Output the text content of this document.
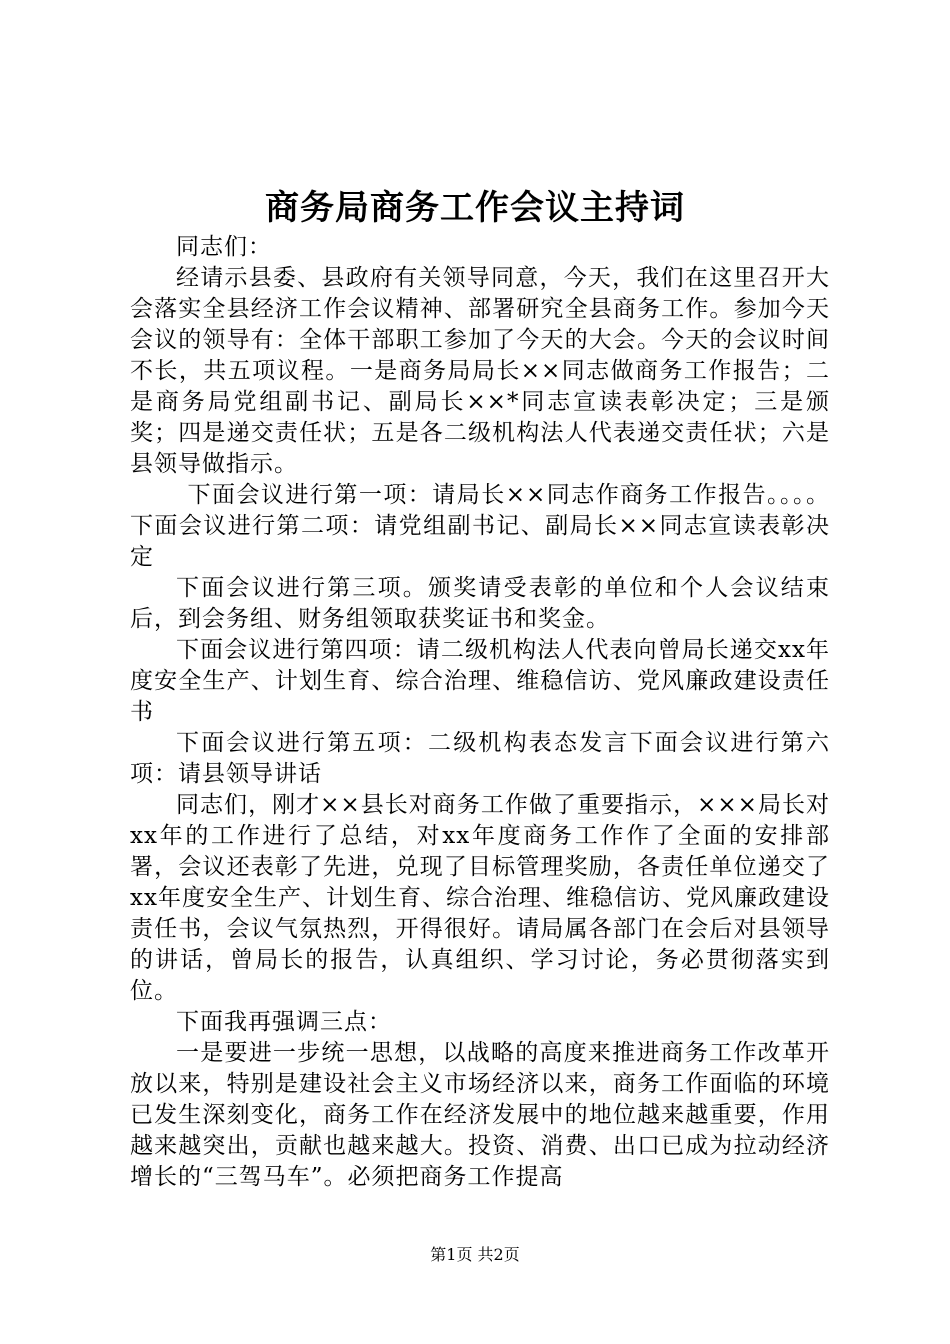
商务局商务工作会议主持词

同志们：

经请示县委、县政府有关领导同意，今天，我们在这里召开大会落实全县经济工作会议精神、部署研究全县商务工作。参加今天会议的领导有：全体干部职工参加了今天的大会。今天的会议时间不长，共五项议程。一是商务局局长××同志做商务工作报告；二是商务局党组副书记、副局长××*同志宣读表彰决定；三是颁奖；四是递交责任状；五是各二级机构法人代表递交责任状；六是县领导做指示。

下面会议进行第一项：请局长××同志作商务工作报告。。。。下面会议进行第二项：请党组副书记、副局长××同志宣读表彰决定

下面会议进行第三项。颁奖请受表彰的单位和个人会议结束后，到会务组、财务组领取获奖证书和奖金。

下面会议进行第四项：请二级机构法人代表向曾局长递交xx年度安全生产、计划生育、综合治理、维稳信访、党风廉政建设责任书

下面会议进行第五项：二级机构表态发言下面会议进行第六项：请县领导讲话

同志们，刚才××县长对商务工作做了重要指示，×××局长对xx年的工作进行了总结，对xx年度商务工作作了全面的安排部署，会议还表彰了先进，兑现了目标管理奖励，各责任单位递交了xx年度安全生产、计划生育、综合治理、维稳信访、党风廉政建设责任书，会议气氛热烈，开得很好。请局属各部门在会后对县领导的讲话，曾局长的报告，认真组织、学习讨论，务必贯彻落实到位。

下面我再强调三点：

一是要进一步统一思想，以战略的高度来推进商务工作改革开放以来，特别是建设社会主义市场经济以来，商务工作面临的环境已发生深刻变化，商务工作在经济发展中的地位越来越重要，作用越来越突出，贡献也越来越大。投资、消费、出口已成为拉动经济增长的“三驾马车”。必须把商务工作提高

第1页 共2页
